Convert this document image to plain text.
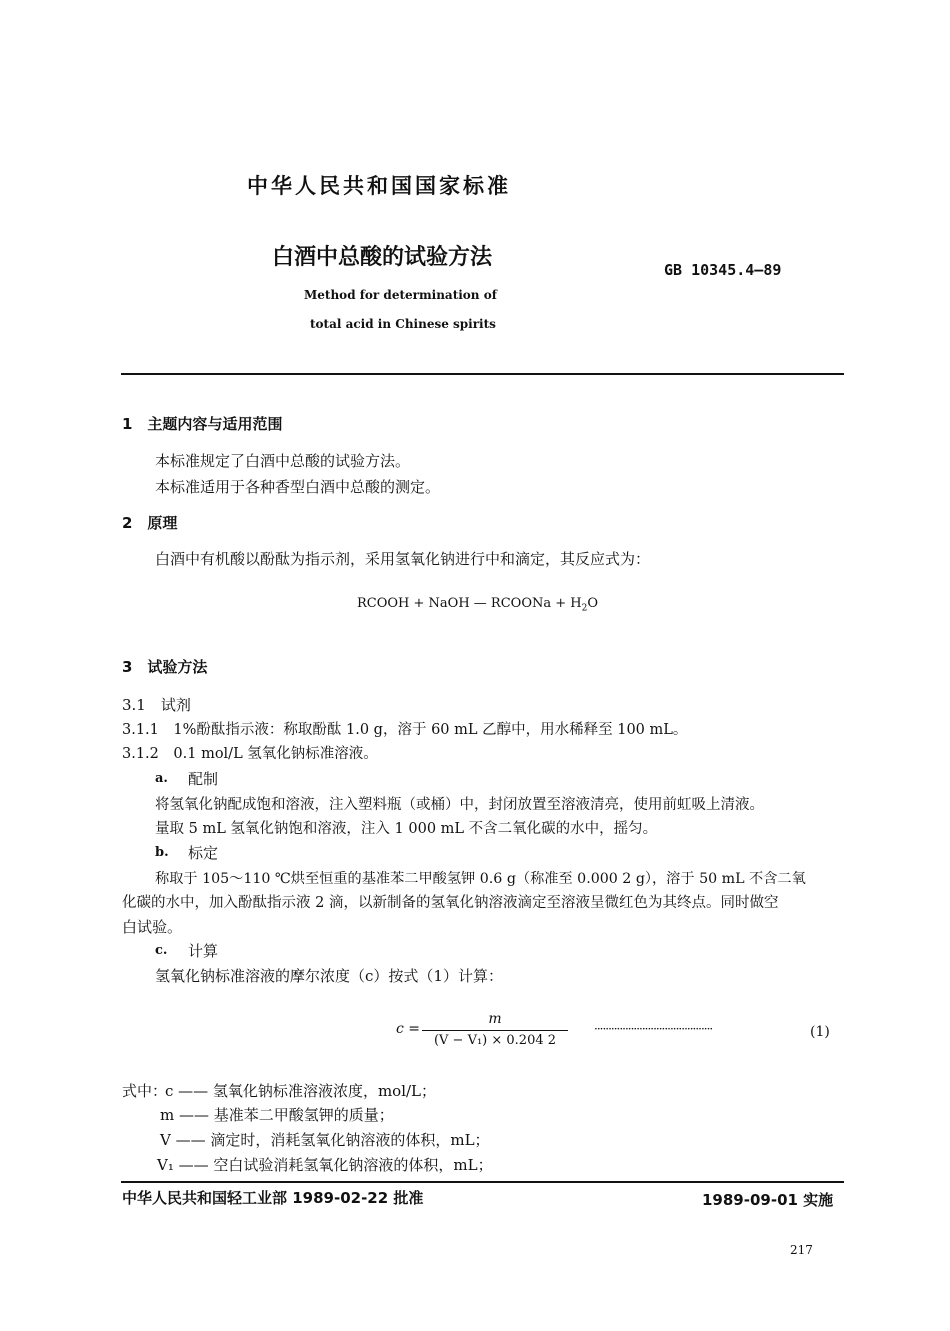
中华人民共和国国家标准
白酒中总酸的试验方法	GB 10345.4—89
Method for determination of
total acid in Chinese spirits
1　主题内容与适用范围
本标准规定了白酒中总酸的试验方法。
本标准适用于各种香型白酒中总酸的测定。
2　原理
白酒中有机酸以酚酞为指示剂，采用氢氧化钠进行中和滴定，其反应式为：
RCOOH + NaOH — RCOONa + $H_2O$
3　试验方法
3.1　试剂
3.1.1　1%酚酞指示液：称取酚酞 1.0 g，溶于 60 mL 乙醇中，用水稀释至 100 mL。
3.1.2　0.1 mol/L 氢氧化钠标准溶液。
a. 配制
将氢氧化钠配成饱和溶液，注入塑料瓶（或桶）中，封闭放置至溶液清亮，使用前虹吸上清液。
量取 5 mL 氢氧化钠饱和溶液，注入 1 000 mL 不含二氧化碳的水中，摇匀。
b. 标定
称取于 105～110 ℃烘至恒重的基准苯二甲酸氢钾 0.6 g（称准至 0.000 2 g），溶于 50 mL 不含二氧
化碳的水中，加入酚酞指示液 2 滴，以新制备的氢氧化钠溶液滴定至溶液呈微红色为其终点。同时做空
白试验。
c. 计算
氢氧化钠标准溶液的摩尔浓度（c）按式（1）计算：
c =
m
(V − V₁) × 0.204 2
··········································	(1)
式中：
c —— 氢氧化钠标准溶液浓度，mol/L；
m —— 基准苯二甲酸氢钾的质量；
V —— 滴定时，消耗氢氧化钠溶液的体积，mL；
V₁ —— 空白试验消耗氢氧化钠溶液的体积，mL；
中华人民共和国轻工业部 1989-02-22 批准	1989-09-01 实施
217
